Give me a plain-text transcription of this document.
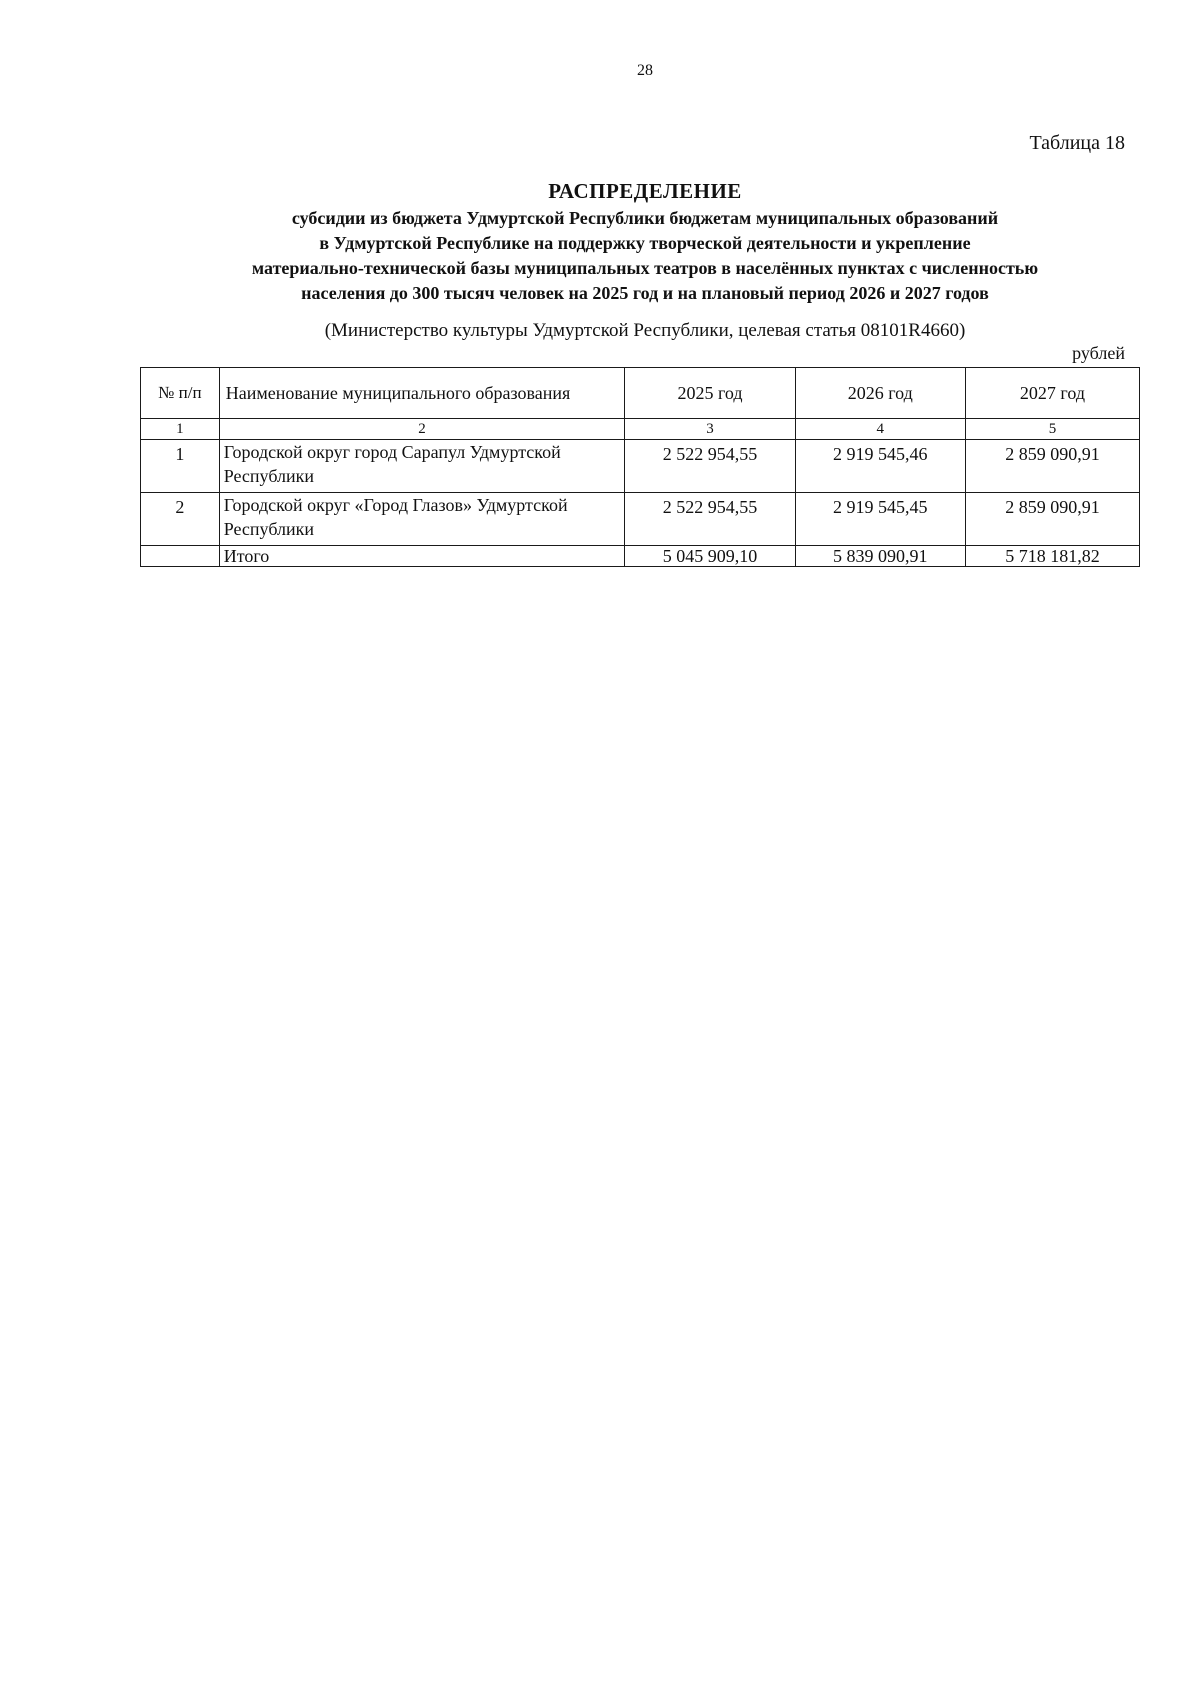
28
Таблица 18
РАСПРЕДЕЛЕНИЕ
субсидии из бюджета Удмуртской Республики бюджетам муниципальных образований
в Удмуртской Республике на поддержку творческой деятельности и укрепление
материально-технической базы муниципальных театров в населённых пунктах с численностью
населения до 300 тысяч человек на 2025 год и на плановый период 2026 и 2027 годов
(Министерство культуры Удмуртской Республики, целевая статья 08101R4660)
рублей
№ п/п	Наименование муниципального образования	2025 год	2026 год	2027 год
1	2	3	4	5
1	Городской округ город Сарапул Удмуртской Республики	2 522 954,55	2 919 545,46	2 859 090,91
2	Городской округ «Город Глазов» Удмуртской Республики	2 522 954,55	2 919 545,45	2 859 090,91
	Итого	5 045 909,10	5 839 090,91	5 718 181,82
